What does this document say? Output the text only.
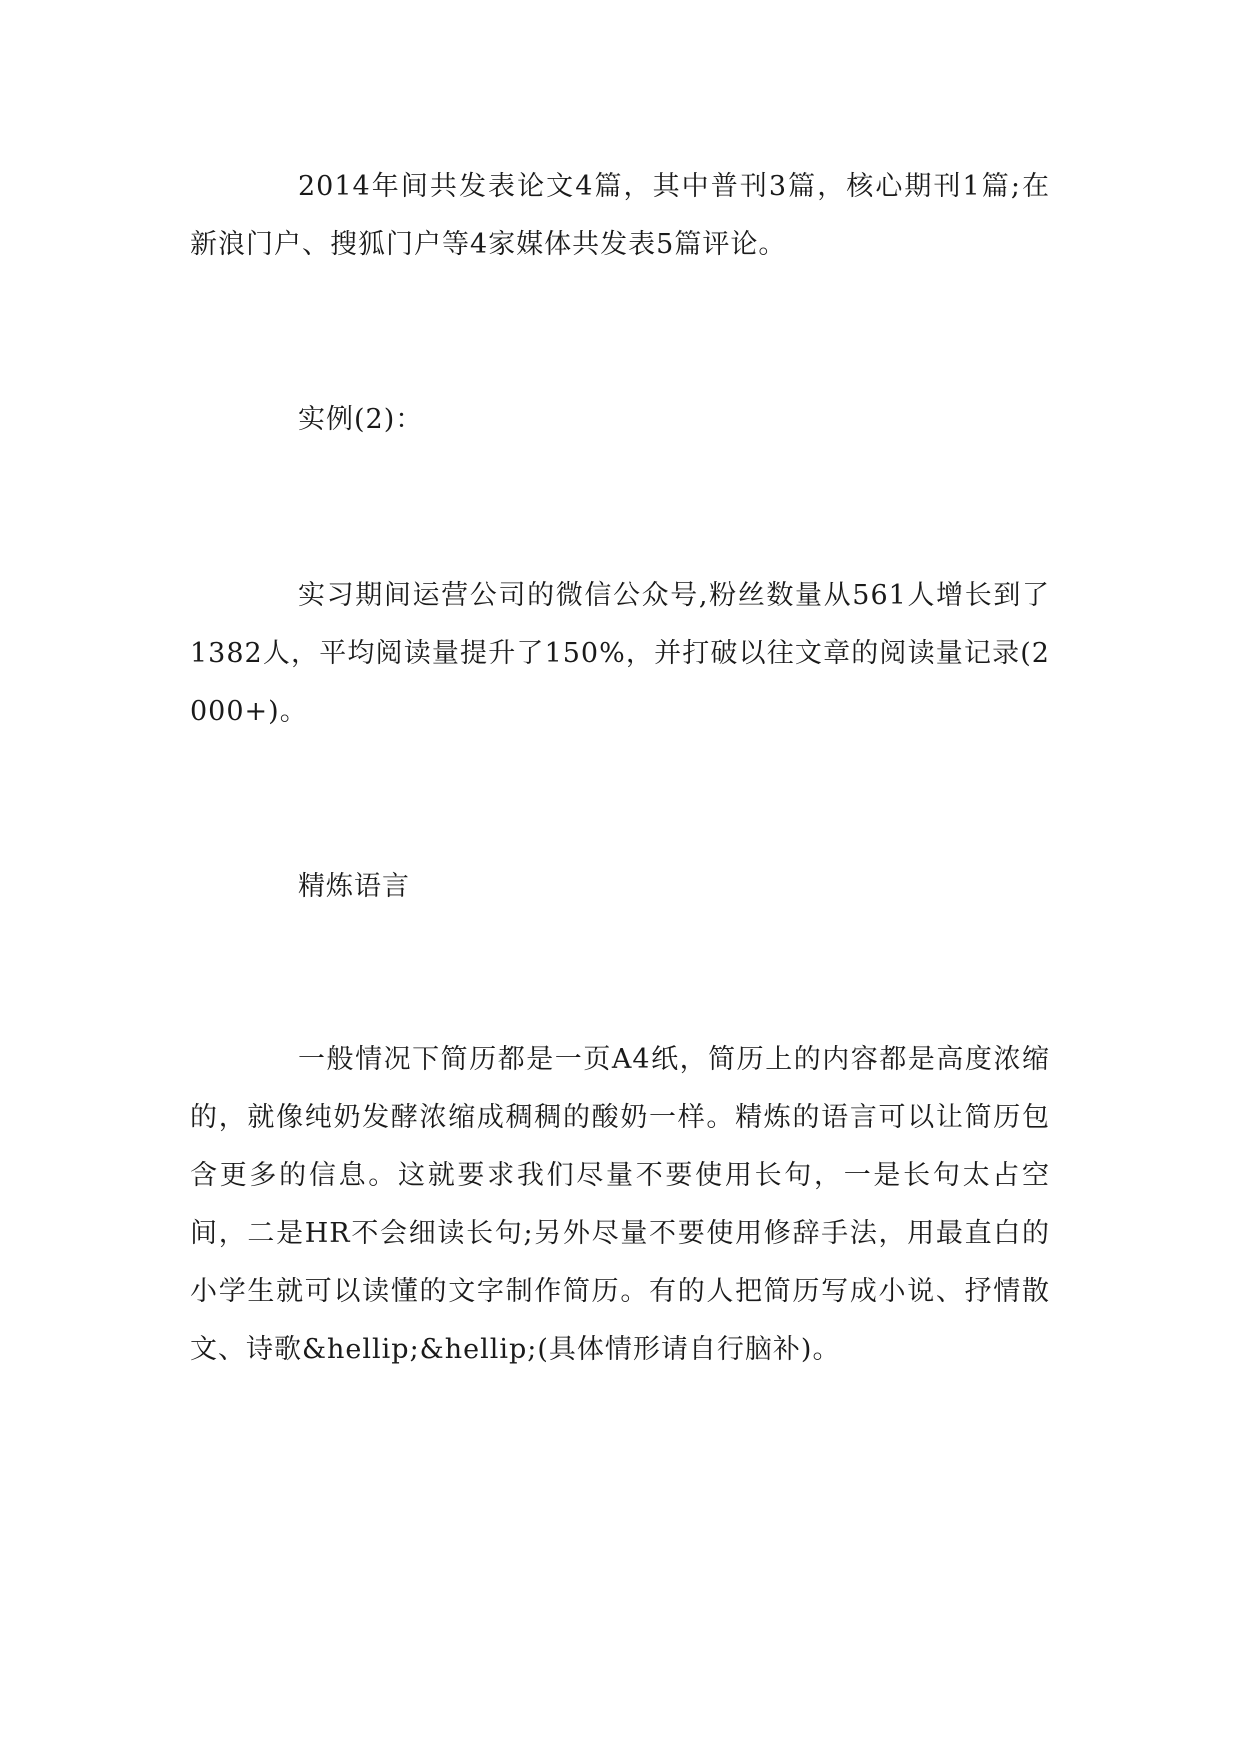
2014年间共发表论文4篇，其中普刊3篇，核心期刊1篇;在新浪门户、搜狐门户等4家媒体共发表5篇评论。

实例(2)：

实习期间运营公司的微信公众号,粉丝数量从561人增长到了1382人，平均阅读量提升了150%，并打破以往文章的阅读量记录(2000+)。

精炼语言

一般情况下简历都是一页A4纸，简历上的内容都是高度浓缩的，就像纯奶发酵浓缩成稠稠的酸奶一样。精炼的语言可以让简历包含更多的信息。这就要求我们尽量不要使用长句，一是长句太占空间，二是HR不会细读长句;另外尽量不要使用修辞手法，用最直白的小学生就可以读懂的文字制作简历。有的人把简历写成小说、抒情散文、诗歌&hellip;&hellip;(具体情形请自行脑补)。
